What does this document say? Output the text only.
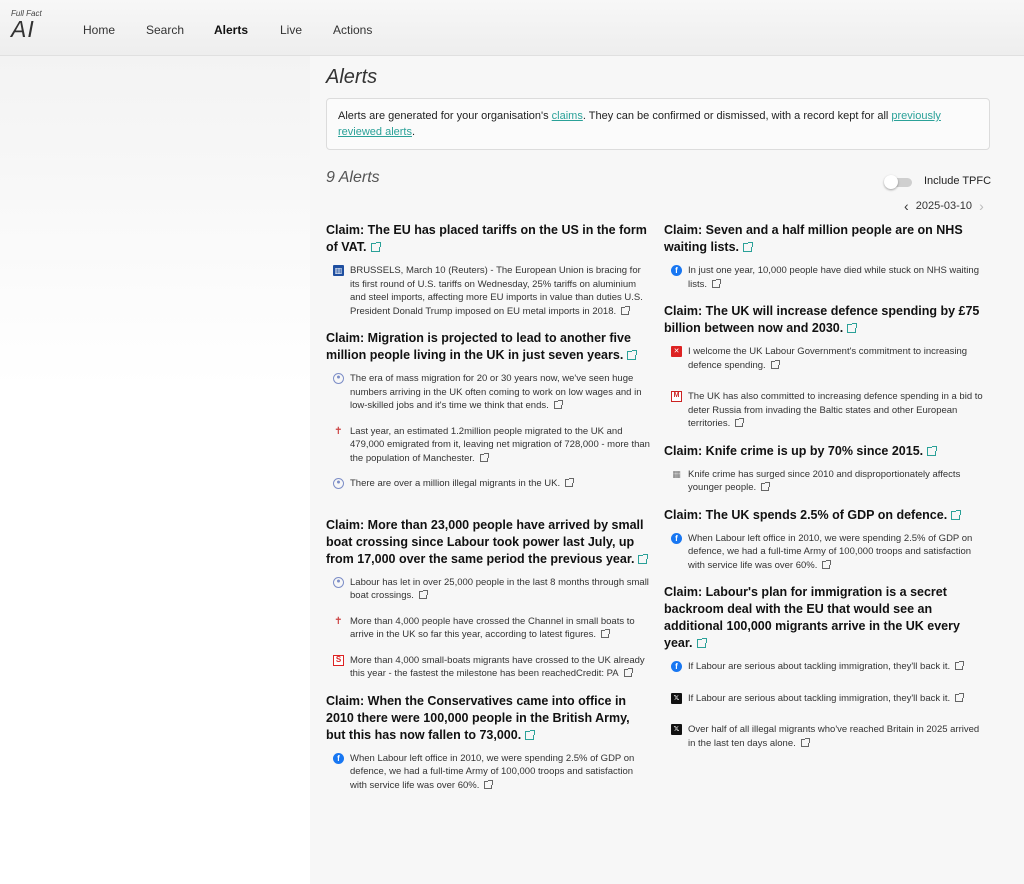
Full Fact
AI	Home	Search Alerts	Live	Actions
Alerts
Alerts are generated for your organisation's claims. They can be confirmed or dismissed, with a record kept for all previously reviewed alerts.
9 Alerts	Include TPFC
‹ 2025-03-10 ›

Claim: The EU has placed tariffs on the US in the form of VAT.

▥ BRUSSELS, March 10 (Reuters) - The European Union is bracing for its first round of U.S. tariffs on Wednesday, 25% tariffs on aluminium and steel imports, affecting more EU imports in value than duties U.S. President Donald Trump imposed on EU metal imports in 2018.

Claim: Migration is projected to lead to another five million people living in the UK in just seven years.

● The era of mass migration for 20 or 30 years now, we've seen huge numbers arriving in the UK often coming to work on low wages and in low-skilled jobs and it's time we think that ends.
✝ Last year, an estimated 1.2million people migrated to the UK and 479,000 emigrated from it, leaving net migration of 728,000 - more than the population of Manchester.
● There are over a million illegal migrants in the UK.

Claim: More than 23,000 people have arrived by small boat crossing since Labour took power last July, up from 17,000 over the same period the previous year.

● Labour has let in over 25,000 people in the last 8 months through small boat crossings.
✝ More than 4,000 people have crossed the Channel in small boats to arrive in the UK so far this year, according to latest figures.
S More than 4,000 small-boats migrants have crossed to the UK already this year - the fastest the milestone has been reachedCredit: PA

Claim: When the Conservatives came into office in 2010 there were 100,000 people in the British Army, but this has now fallen to 73,000.

f	When Labour left office in 2010, we were spending 2.5% of GDP on defence, we had a full-time Army of 100,000 troops and satisfaction with service life was over 60%.

Claim: Seven and a half million people are on NHS waiting lists.

f	In just one year, 10,000 people have died while stuck on NHS waiting lists.

Claim: The UK will increase defence spending by £75 billion between now and 2030.

✕ I welcome the UK Labour Government's commitment to increasing defence spending.
M The UK has also committed to increasing defence spending in a bid to deter Russia from invading the Baltic states and other European territories.

Claim: Knife crime is up by 70% since 2015.

▦ Knife crime has surged since 2010 and disproportionately affects younger people.

Claim: The UK spends 2.5% of GDP on defence.

f	When Labour left office in 2010, we were spending 2.5% of GDP on defence, we had a full-time Army of 100,000 troops and satisfaction with service life was over 60%.

Claim: Labour's plan for immigration is a secret backroom deal with the EU that would see an additional 100,000 migrants arrive in the UK every year.

f	If Labour are serious about tackling immigration, they'll back it.
𝕏 If Labour are serious about tackling immigration, they'll back it.
𝕏 Over half of all illegal migrants who've reached Britain in 2025 arrived in the last ten days alone.
